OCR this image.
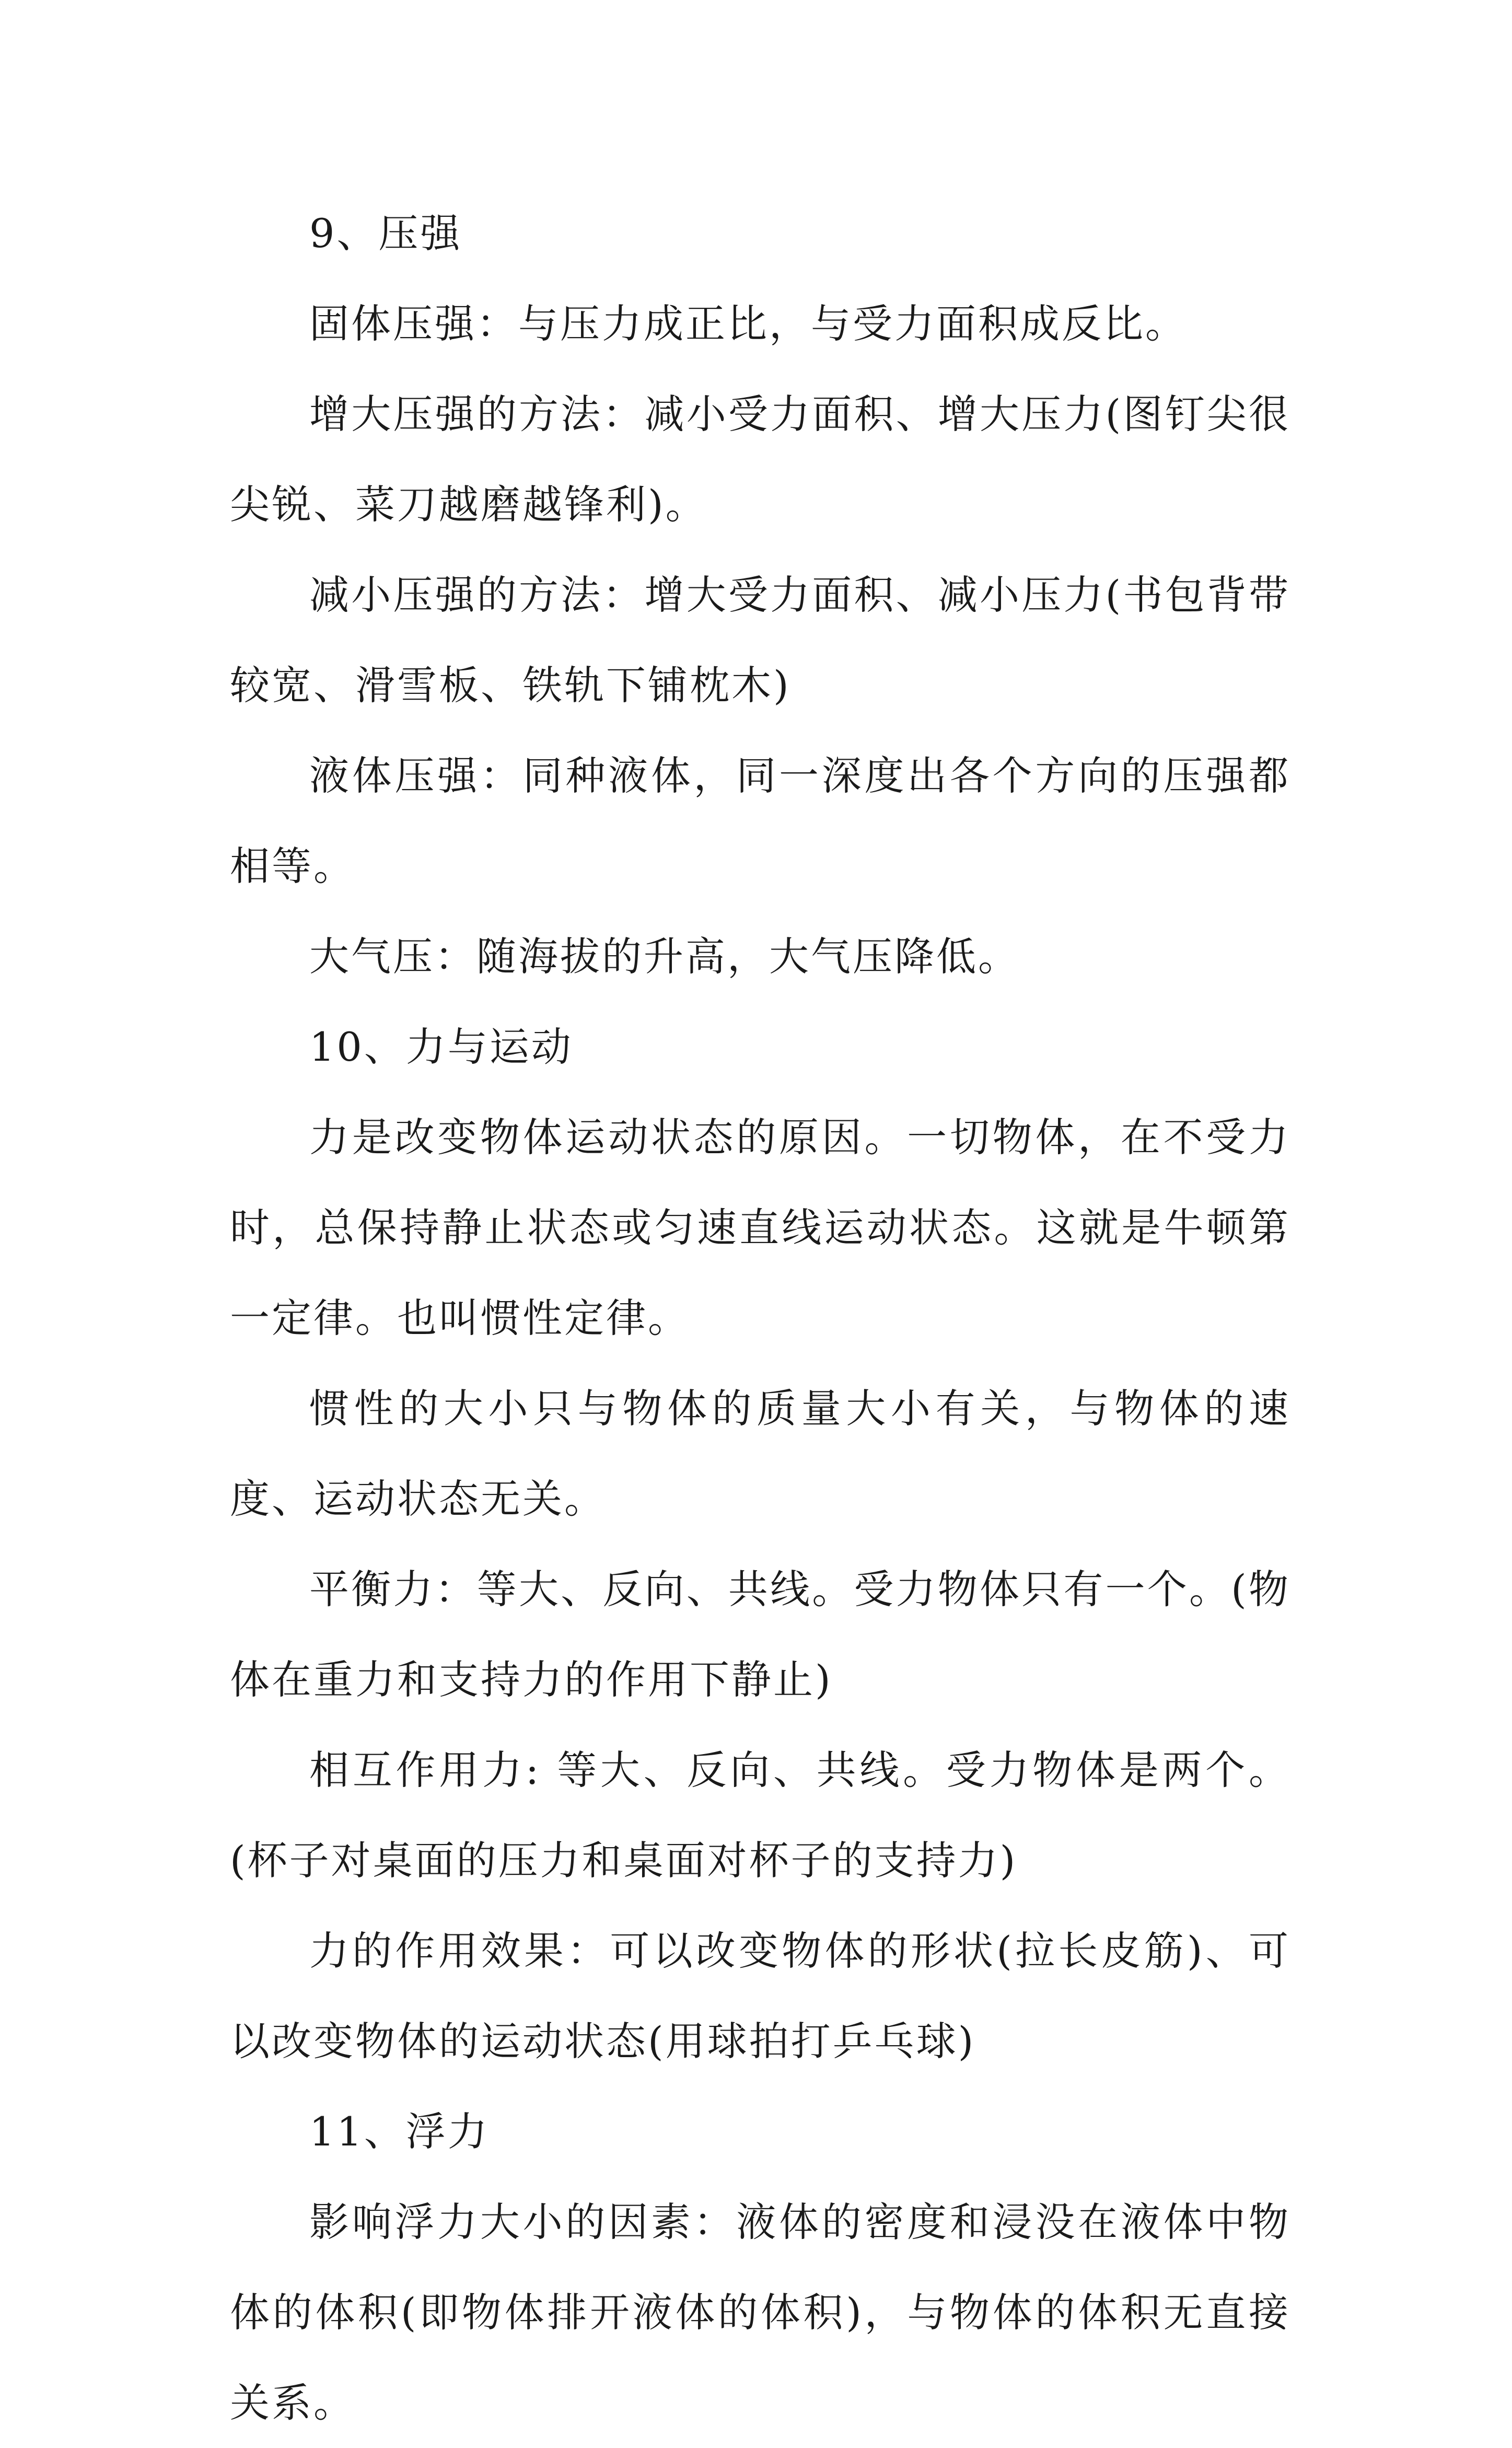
9、压强

固体压强：与压力成正比，与受力面积成反比。

增大压强的方法：减小受力面积、增大压力(图钉尖很尖锐、菜刀越磨越锋利)。

减小压强的方法：增大受力面积、减小压力(书包背带较宽、滑雪板、铁轨下铺枕木)

液体压强：同种液体，同一深度出各个方向的压强都相等。

大气压：随海拔的升高，大气压降低。

10、力与运动

力是改变物体运动状态的原因。一切物体，在不受力时，总保持静止状态或匀速直线运动状态。这就是牛顿第一定律。也叫惯性定律。

惯性的大小只与物体的质量大小有关，与物体的速度、运动状态无关。

平衡力：等大、反向、共线。受力物体只有一个。(物体在重力和支持力的作用下静止)

相互作用力: 等大、反向、共线。受力物体是两个。(杯子对桌面的压力和桌面对杯子的支持力)

力的作用效果：可以改变物体的形状(拉长皮筋)、可以改变物体的运动状态(用球拍打乒乓球)

11、浮力

影响浮力大小的因素：液体的密度和浸没在液体中物体的体积(即物体排开液体的体积)，与物体的体积无直接关系。
